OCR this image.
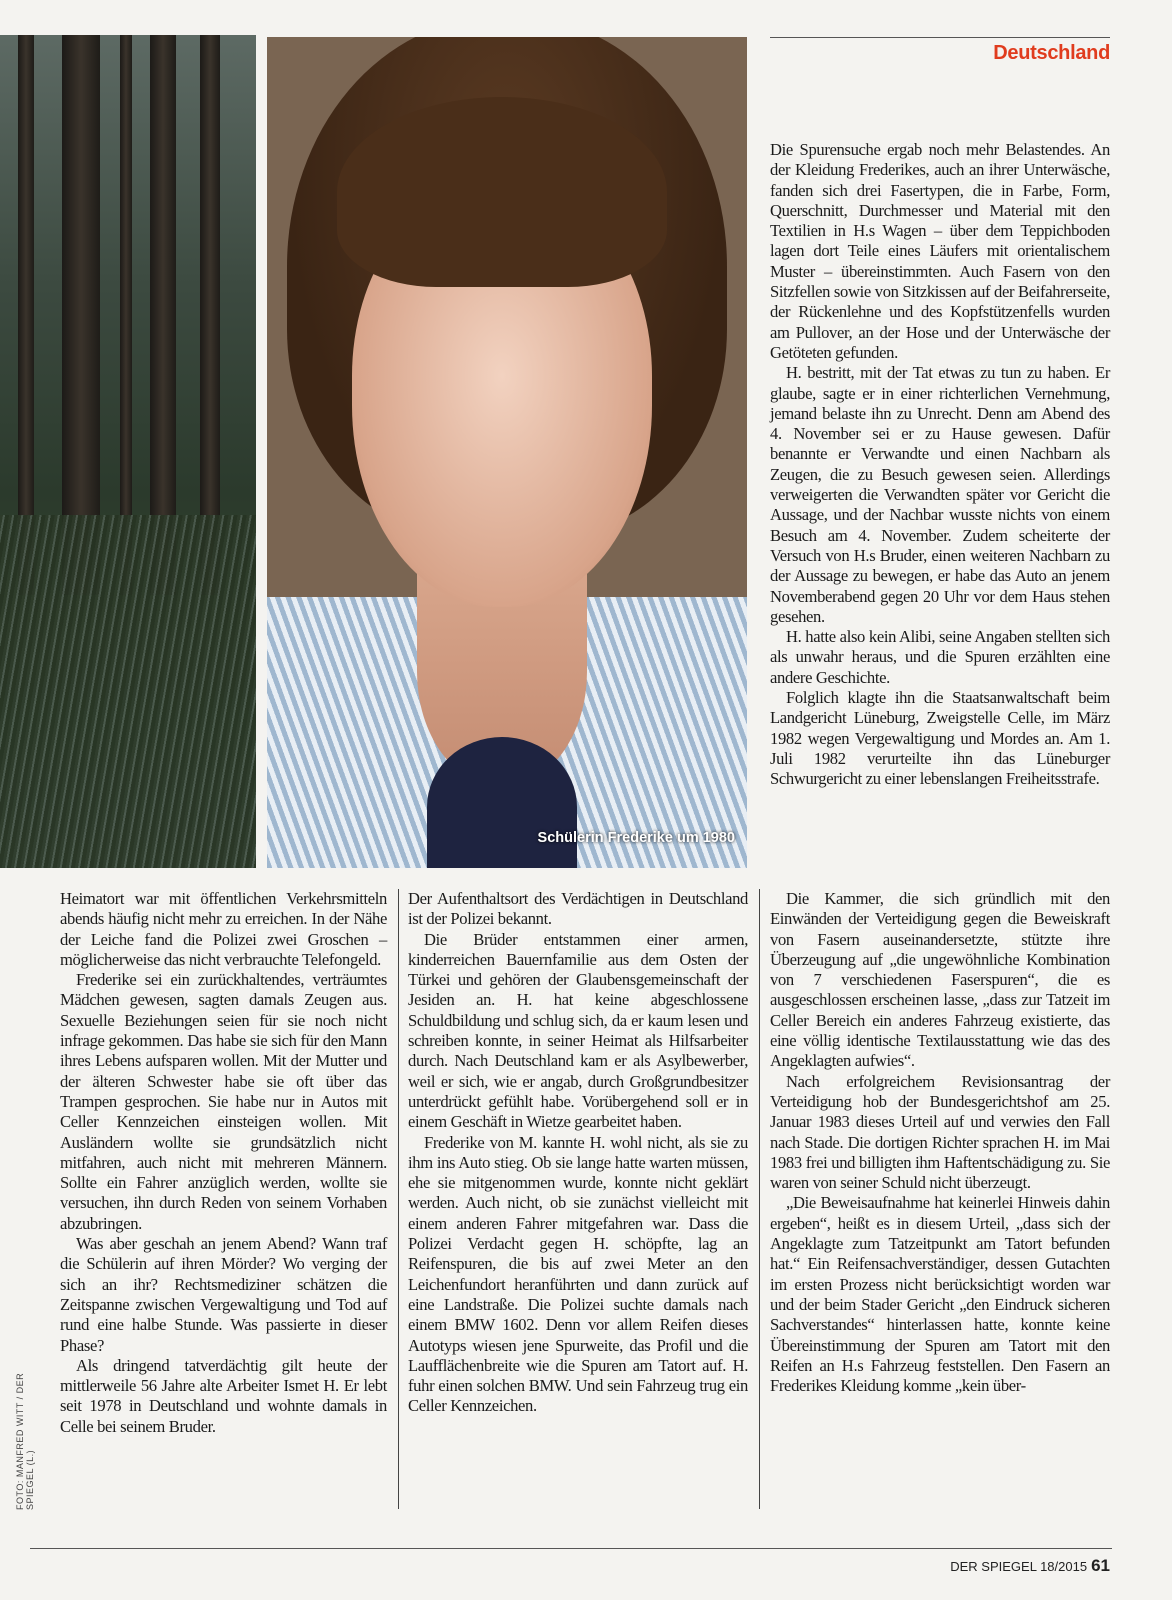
Schülerin Frederike um 1980
Deutschland

Die Spurensuche ergab noch mehr Belastendes. An der Kleidung Frederikes, auch an ihrer Unterwäsche, fanden sich drei Fasertypen, die in Farbe, Form, Querschnitt, Durchmesser und Material mit den Textilien in H.s Wagen – über dem Teppichboden lagen dort Teile eines Läufers mit orientalischem Muster – übereinstimmten. Auch Fasern von den Sitzfellen sowie von Sitzkissen auf der Beifahrerseite, der Rückenlehne und des Kopfstützenfells wurden am Pullover, an der Hose und der Unterwäsche der Getöteten gefunden.

H. bestritt, mit der Tat etwas zu tun zu haben. Er glaube, sagte er in einer richterlichen Vernehmung, jemand belaste ihn zu Unrecht. Denn am Abend des 4. November sei er zu Hause gewesen. Dafür benannte er Verwandte und einen Nachbarn als Zeugen, die zu Besuch gewesen seien. Allerdings verweigerten die Verwandten später vor Gericht die Aussage, und der Nachbar wusste nichts von einem Besuch am 4. November. Zudem scheiterte der Versuch von H.s Bruder, einen weiteren Nachbarn zu der Aussage zu bewegen, er habe das Auto an jenem Novemberabend gegen 20 Uhr vor dem Haus stehen gesehen.

H. hatte also kein Alibi, seine Angaben stellten sich als unwahr heraus, und die Spuren erzählten eine andere Geschichte.

Folglich klagte ihn die Staatsanwaltschaft beim Landgericht Lüneburg, Zweigstelle Celle, im März 1982 wegen Vergewaltigung und Mordes an. Am 1. Juli 1982 verurteilte ihn das Lüneburger Schwurgericht zu einer lebenslangen Freiheitsstrafe.

Heimatort war mit öffentlichen Verkehrsmitteln abends häufig nicht mehr zu erreichen. In der Nähe der Leiche fand die Polizei zwei Groschen – möglicherweise das nicht verbrauchte Telefongeld.

Frederike sei ein zurückhaltendes, verträumtes Mädchen gewesen, sagten damals Zeugen aus. Sexuelle Beziehungen seien für sie noch nicht infrage gekommen. Das habe sie sich für den Mann ihres Lebens aufsparen wollen. Mit der Mutter und der älteren Schwester habe sie oft über das Trampen gesprochen. Sie habe nur in Autos mit Celler Kennzeichen einsteigen wollen. Mit Ausländern wollte sie grundsätzlich nicht mitfahren, auch nicht mit mehreren Männern. Sollte ein Fahrer anzüglich werden, wollte sie versuchen, ihn durch Reden von seinem Vorhaben abzubringen.

Was aber geschah an jenem Abend? Wann traf die Schülerin auf ihren Mörder? Wo verging der sich an ihr? Rechtsmediziner schätzen die Zeitspanne zwischen Vergewaltigung und Tod auf rund eine halbe Stunde. Was passierte in dieser Phase?

Als dringend tatverdächtig gilt heute der mittlerweile 56 Jahre alte Arbeiter Ismet H. Er lebt seit 1978 in Deutschland und wohnte damals in Celle bei seinem Bruder.

Der Aufenthaltsort des Verdächtigen in Deutschland ist der Polizei bekannt.

Die Brüder entstammen einer armen, kinderreichen Bauernfamilie aus dem Osten der Türkei und gehören der Glaubensgemeinschaft der Jesiden an. H. hat keine abgeschlossene Schuldbildung und schlug sich, da er kaum lesen und schreiben konnte, in seiner Heimat als Hilfsarbeiter durch. Nach Deutschland kam er als Asylbewerber, weil er sich, wie er angab, durch Großgrundbesitzer unterdrückt gefühlt habe. Vorübergehend soll er in einem Geschäft in Wietze gearbeitet haben.

Frederike von M. kannte H. wohl nicht, als sie zu ihm ins Auto stieg. Ob sie lange hatte warten müssen, ehe sie mitgenommen wurde, konnte nicht geklärt werden. Auch nicht, ob sie zunächst vielleicht mit einem anderen Fahrer mitgefahren war. Dass die Polizei Verdacht gegen H. schöpfte, lag an Reifenspuren, die bis auf zwei Meter an den Leichenfundort heranführten und dann zurück auf eine Landstraße. Die Polizei suchte damals nach einem BMW 1602. Denn vor allem Reifen dieses Autotyps wiesen jene Spurweite, das Profil und die Laufflächenbreite wie die Spuren am Tatort auf. H. fuhr einen solchen BMW. Und sein Fahrzeug trug ein Celler Kennzeichen.

Die Kammer, die sich gründlich mit den Einwänden der Verteidigung gegen die Beweiskraft von Fasern auseinandersetzte, stützte ihre Überzeugung auf „die ungewöhnliche Kombination von 7 verschiedenen Faserspuren“, die es ausgeschlossen erscheinen lasse, „dass zur Tatzeit im Celler Bereich ein anderes Fahrzeug existierte, das eine völlig identische Textilausstattung wie das des Angeklagten aufwies“.

Nach erfolgreichem Revisionsantrag der Verteidigung hob der Bundesgerichtshof am 25. Januar 1983 dieses Urteil auf und verwies den Fall nach Stade. Die dortigen Richter sprachen H. im Mai 1983 frei und billigten ihm Haftentschädigung zu. Sie waren von seiner Schuld nicht überzeugt.

„Die Beweisaufnahme hat keinerlei Hinweis dahin ergeben“, heißt es in diesem Urteil, „dass sich der Angeklagte zum Tatzeitpunkt am Tatort befunden hat.“ Ein Reifensachverständiger, dessen Gutachten im ersten Prozess nicht berücksichtigt worden war und der beim Stader Gericht „den Eindruck sicheren Sachverstandes“ hinterlassen hatte, konnte keine Übereinstimmung der Spuren am Tatort mit den Reifen an H.s Fahrzeug feststellen. Den Fasern an Frederikes Kleidung komme „kein über-

FOTO: MANFRED WITT / DER SPIEGEL (L.)
DER SPIEGEL 18/2015 61
